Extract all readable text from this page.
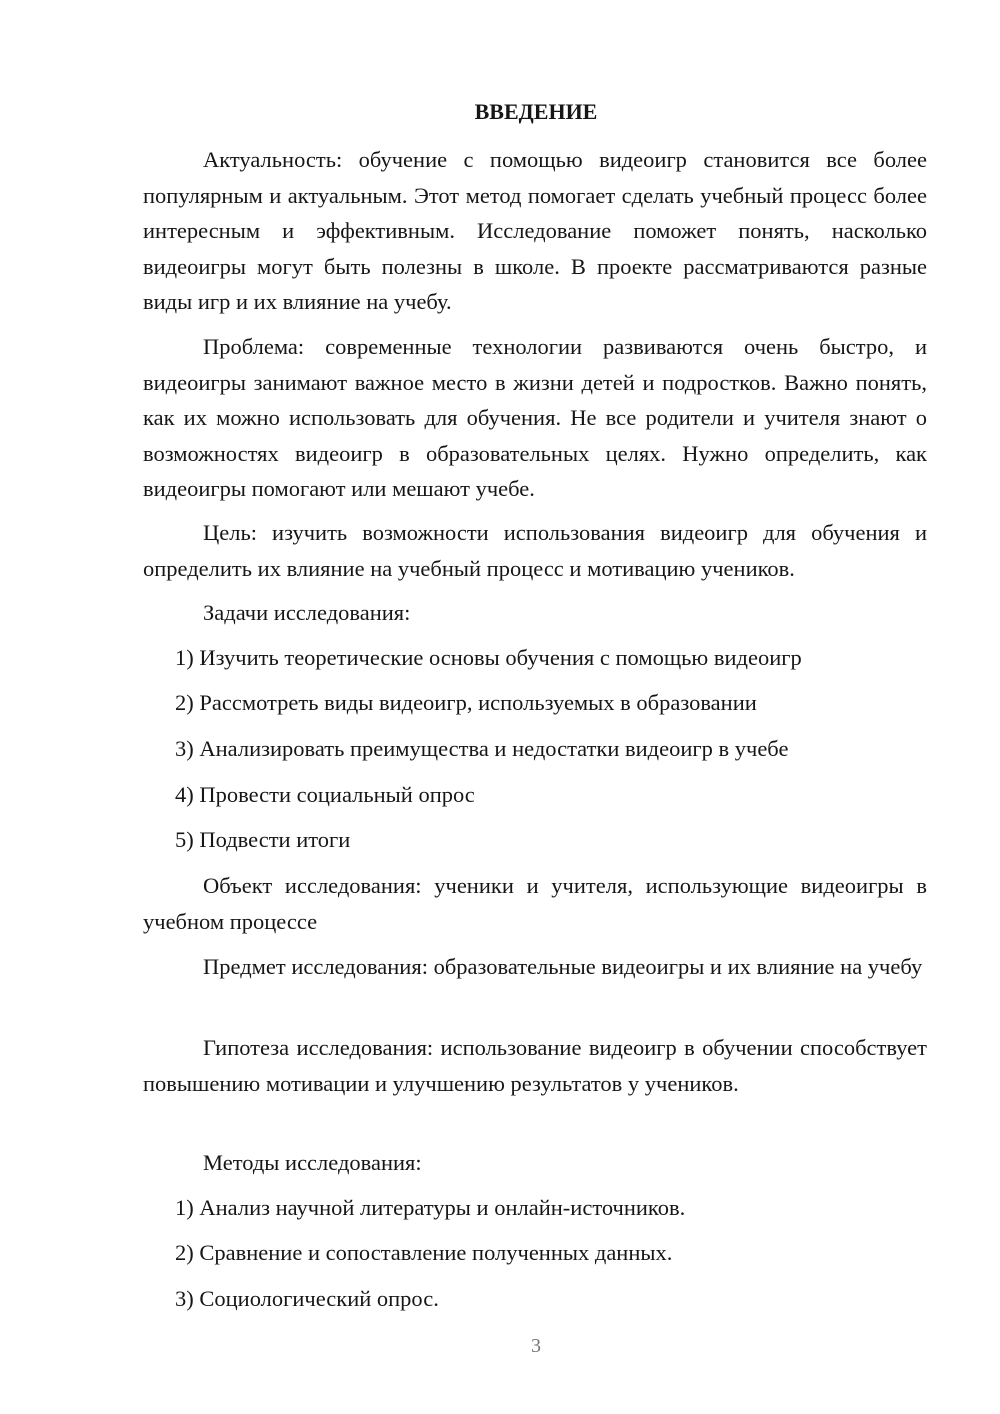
ВВЕДЕНИЕ

Актуальность: обучение с помощью видеоигр становится все более популярным и актуальным. Этот метод помогает сделать учебный процесс более интересным и эффективным. Исследование поможет понять, насколько видеоигры могут быть полезны в школе. В проекте рассматриваются разные виды игр и их влияние на учебу.

Проблема: современные технологии развиваются очень быстро, и видеоигры занимают важное место в жизни детей и подростков. Важно понять, как их можно использовать для обучения. Не все родители и учителя знают о возможностях видеоигр в образовательных целях. Нужно определить, как видеоигры помогают или мешают учебе.

Цель: изучить возможности использования видеоигр для обучения и определить их влияние на учебный процесс и мотивацию учеников.

Задачи исследования:

1) Изучить теоретические основы обучения с помощью видеоигр

2) Рассмотреть виды видеоигр, используемых в образовании

3) Анализировать преимущества и недостатки видеоигр в учебе

4) Провести социальный опрос

5) Подвести итоги

Объект исследования: ученики и учителя, использующие видеоигры в учебном процессе

Предмет исследования: образовательные видеоигры и их влияние на учебу

Гипотеза исследования: использование видеоигр в обучении способствует повышению мотивации и улучшению результатов у учеников.

Методы исследования:

1) Анализ научной литературы и онлайн-источников.

2) Сравнение и сопоставление полученных данных.

3) Социологический опрос.

3
